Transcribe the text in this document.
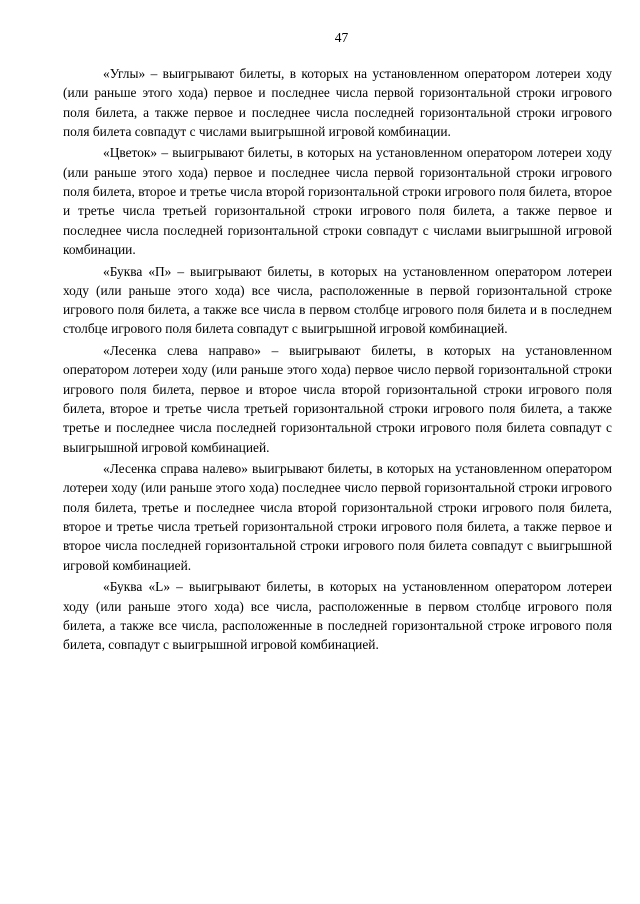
47

«Углы» – выигрывают билеты, в которых на установленном оператором лотереи ходу (или раньше этого хода) первое и последнее числа первой горизонтальной строки игрового поля билета, а также первое и последнее числа последней горизонтальной строки игрового поля билета совпадут с числами выигрышной игровой комбинации.

«Цветок» – выигрывают билеты, в которых на установленном оператором лотереи ходу (или раньше этого хода) первое и последнее числа первой горизонтальной строки игрового поля билета, второе и третье числа второй горизонтальной строки игрового поля билета, второе и третье числа третьей горизонтальной строки игрового поля билета, а также первое и последнее числа последней горизонтальной строки совпадут с числами выигрышной игровой комбинации.

«Буква «П» – выигрывают билеты, в которых на установленном оператором лотереи ходу (или раньше этого хода) все числа, расположенные в первой горизонтальной строке игрового поля билета, а также все числа в первом столбце игрового поля билета и в последнем столбце игрового поля билета совпадут с выигрышной игровой комбинацией.

«Лесенка слева направо» – выигрывают билеты, в которых на установленном оператором лотереи ходу (или раньше этого хода) первое число первой горизонтальной строки игрового поля билета, первое и второе числа второй горизонтальной строки игрового поля билета, второе и третье числа третьей горизонтальной строки игрового поля билета, а также третье и последнее числа последней горизонтальной строки игрового поля билета совпадут с выигрышной игровой комбинацией.

«Лесенка справа налево» выигрывают билеты, в которых на установленном оператором лотереи ходу (или раньше этого хода) последнее число первой горизонтальной строки игрового поля билета, третье и последнее числа второй горизонтальной строки игрового поля билета, второе и третье числа третьей горизонтальной строки игрового поля билета, а также первое и второе числа последней горизонтальной строки игрового поля билета совпадут с выигрышной игровой комбинацией.

«Буква «L» – выигрывают билеты, в которых на установленном оператором лотереи ходу (или раньше этого хода) все числа, расположенные в первом столбце игрового поля билета, а также все числа, расположенные в последней горизонтальной строке игрового поля билета, совпадут с выигрышной игровой комбинацией.
